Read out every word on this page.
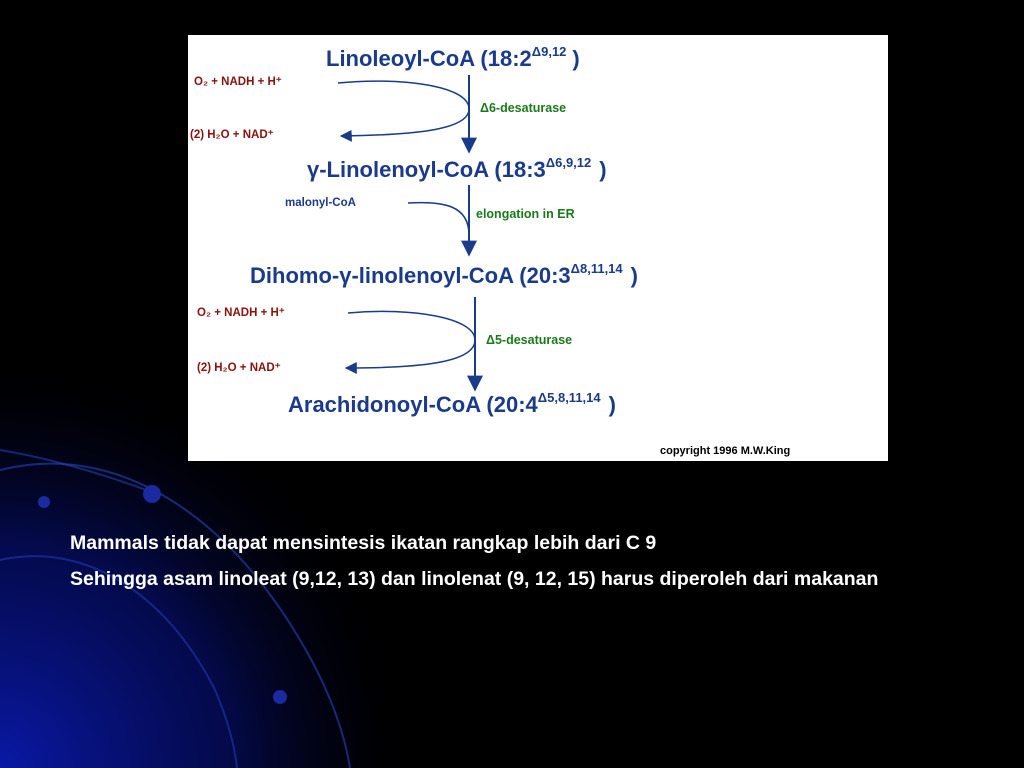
Linoleoyl-CoA ($18:2^{\Delta 9,12}$ )
O₂ + NADH + H⁺
(2) H₂O + NAD⁺
Δ6-desaturase
γ-Linolenoyl-CoA ($18:3^{\Delta 6,9,12}$ )
malonyl-CoA
elongation in ER
Dihomo-γ-linolenoyl-CoA ($20:3^{\Delta 8,11,14}$ )
O₂ + NADH + H⁺
(2) H₂O + NAD⁺
Δ5-desaturase
Arachidonoyl-CoA ($20:4^{\Delta 5,8,11,14}$ )
copyright 1996 M.W.King
Mammals tidak dapat mensintesis ikatan rangkap lebih dari C 9
Sehingga asam linoleat (9,12, 13) dan linolenat (9, 12, 15) harus diperoleh dari makanan
